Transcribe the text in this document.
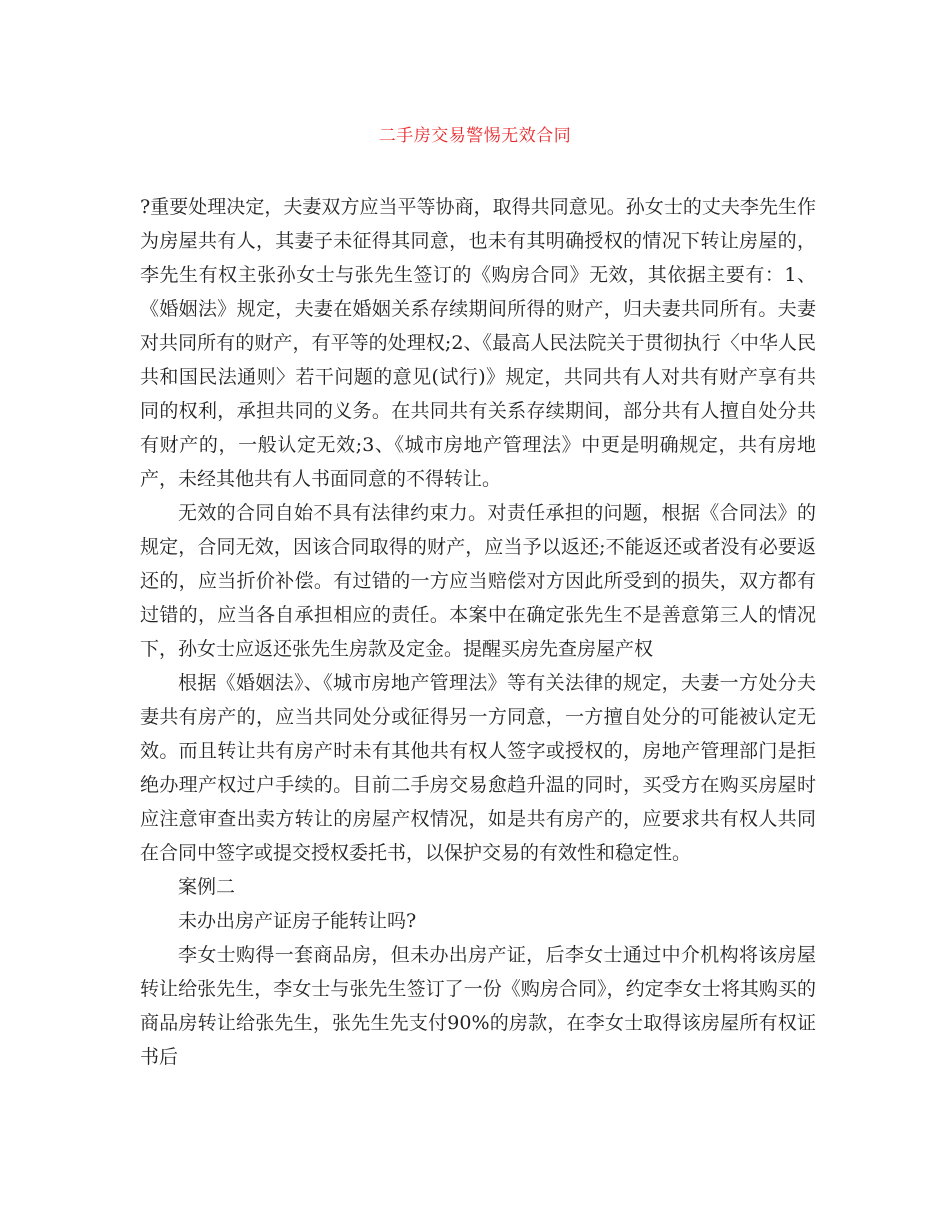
二手房交易警惕无效合同

?重要处理决定，夫妻双方应当平等协商，取得共同意见。孙女士的丈夫李先生作为房屋共有人，其妻子未征得其同意，也未有其明确授权的情况下转让房屋的，李先生有权主张孙女士与张先生签订的《购房合同》无效，其依据主要有：1、《婚姻法》规定，夫妻在婚姻关系存续期间所得的财产，归夫妻共同所有。夫妻对共同所有的财产，有平等的处理权;2、《最高人民法院关于贯彻执行〈中华人民共和国民法通则〉若干问题的意见(试行)》规定，共同共有人对共有财产享有共同的权利，承担共同的义务。在共同共有关系存续期间，部分共有人擅自处分共有财产的，一般认定无效;3、《城市房地产管理法》中更是明确规定，共有房地产，未经其他共有人书面同意的不得转让。

无效的合同自始不具有法律约束力。对责任承担的问题，根据《合同法》的规定，合同无效，因该合同取得的财产，应当予以返还;不能返还或者没有必要返还的，应当折价补偿。有过错的一方应当赔偿对方因此所受到的损失，双方都有过错的，应当各自承担相应的责任。本案中在确定张先生不是善意第三人的情况下，孙女士应返还张先生房款及定金。提醒买房先查房屋产权

根据《婚姻法》、《城市房地产管理法》等有关法律的规定，夫妻一方处分夫妻共有房产的，应当共同处分或征得另一方同意，一方擅自处分的可能被认定无效。而且转让共有房产时未有其他共有权人签字或授权的，房地产管理部门是拒绝办理产权过户手续的。目前二手房交易愈趋升温的同时，买受方在购买房屋时应注意审查出卖方转让的房屋产权情况，如是共有房产的，应要求共有权人共同在合同中签字或提交授权委托书，以保护交易的有效性和稳定性。

案例二

未办出房产证房子能转让吗?

李女士购得一套商品房，但未办出房产证，后李女士通过中介机构将该房屋转让给张先生，李女士与张先生签订了一份《购房合同》，约定李女士将其购买的商品房转让给张先生，张先生先支付90%的房款，在李女士取得该房屋所有权证书后
